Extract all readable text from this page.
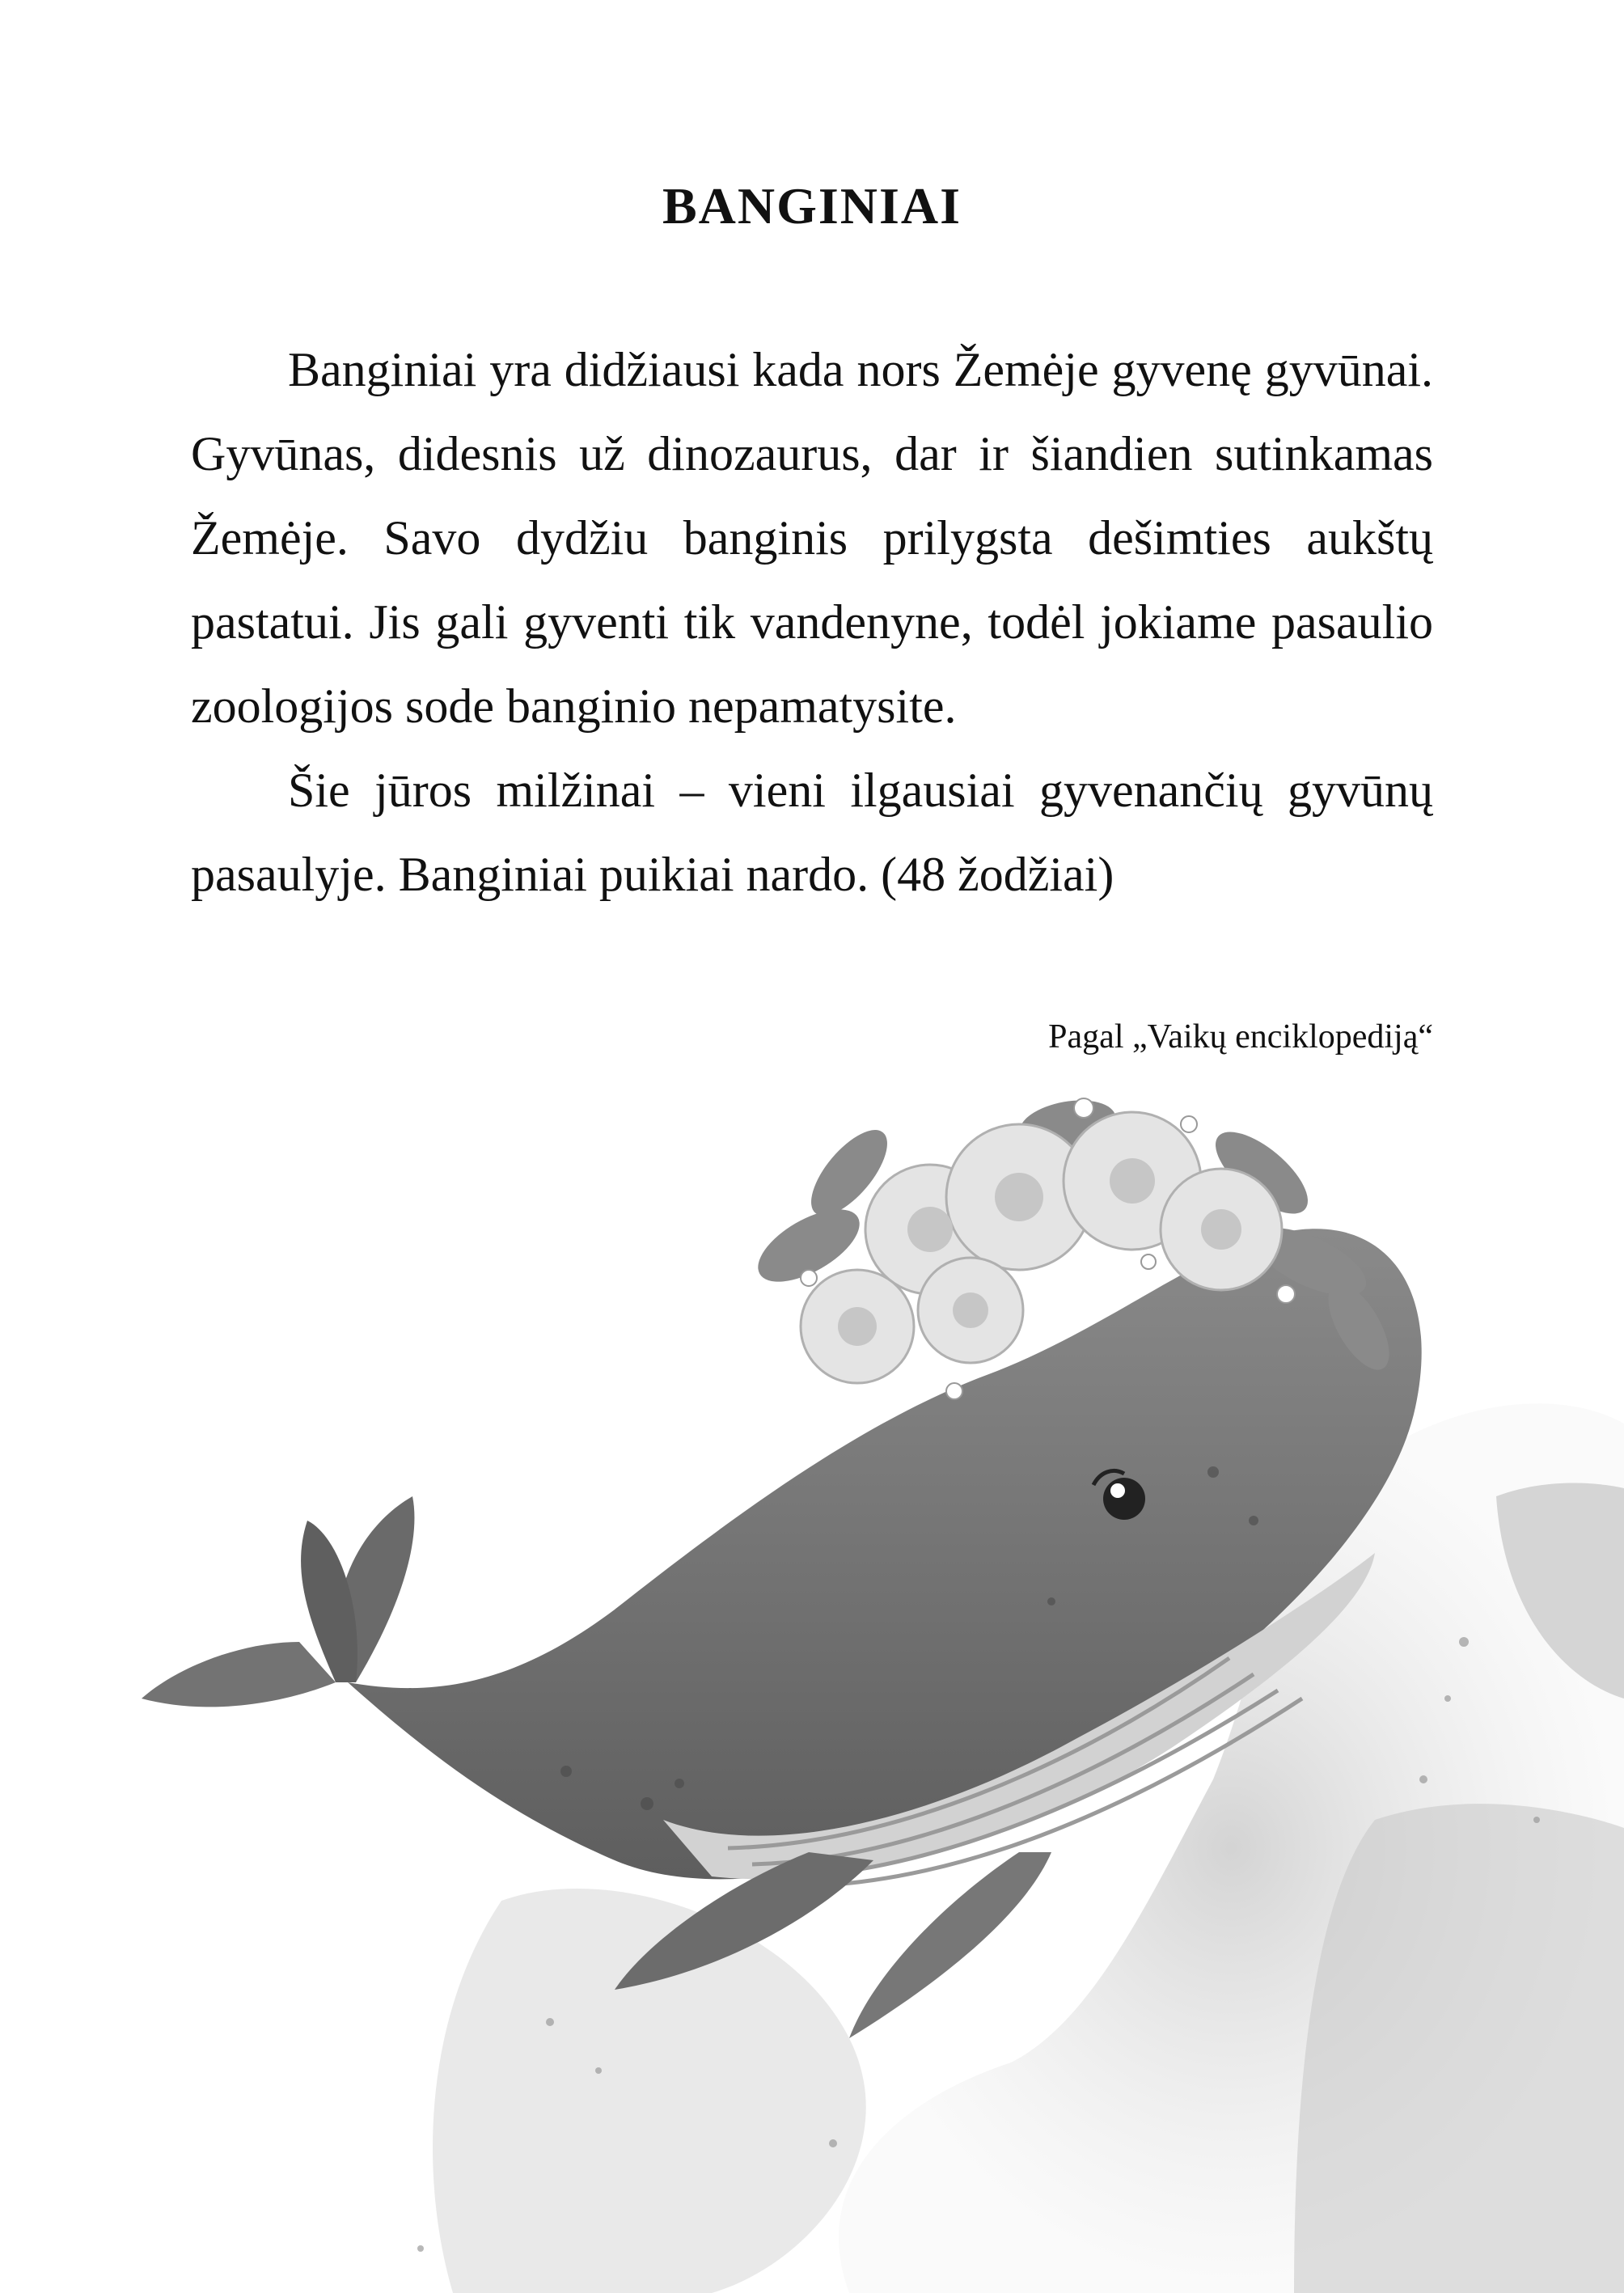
BANGINIAI

Banginiai yra didžiausi kada nors Žemėje gyvenę gyvūnai. Gyvūnas, didesnis už dinozaurus, dar ir šiandien sutinkamas Žemėje. Savo dydžiu banginis prilygsta dešimties aukštų pastatui. Jis gali gyventi tik vandenyne, todėl jokiame pasaulio zoologijos sode banginio nepamatysite.

Šie jūros milžinai – vieni ilgausiai gyvenančių gyvūnų pasaulyje. Banginiai puikiai nardo. (48 žodžiai)

Pagal „Vaikų enciklopediją“
